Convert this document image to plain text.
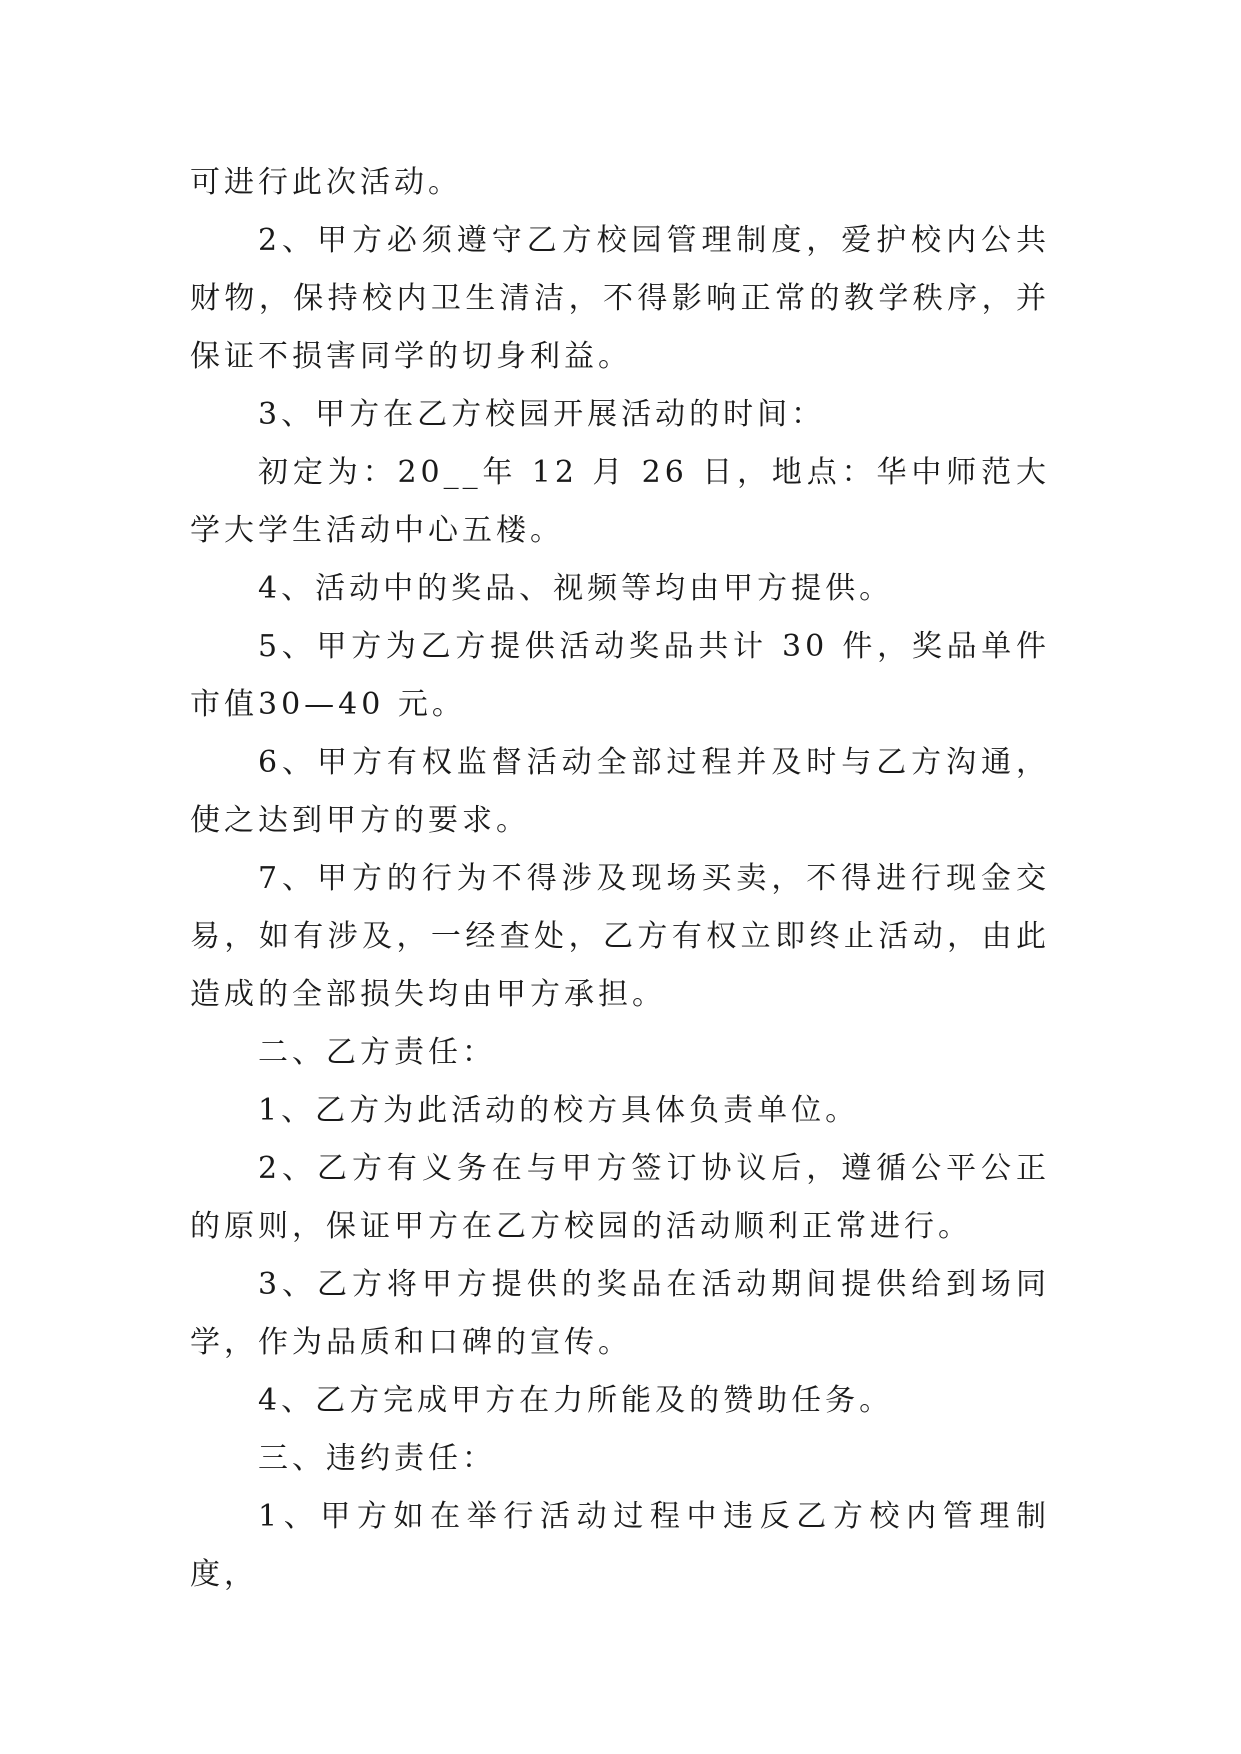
可进行此次活动。

2、甲方必须遵守乙方校园管理制度，爱护校内公共财物，保持校内卫生清洁，不得影响正常的教学秩序，并保证不损害同学的切身利益。

3、甲方在乙方校园开展活动的时间：

初定为：20__年 12 月 26 日，地点：华中师范大学大学生活动中心五楼。

4、活动中的奖品、视频等均由甲方提供。

5、甲方为乙方提供活动奖品共计 30 件，奖品单件市值30—40 元。

6、甲方有权监督活动全部过程并及时与乙方沟通，使之达到甲方的要求。

7、甲方的行为不得涉及现场买卖，不得进行现金交易，如有涉及，一经查处，乙方有权立即终止活动，由此造成的全部损失均由甲方承担。

二、乙方责任：

1、乙方为此活动的校方具体负责单位。

2、乙方有义务在与甲方签订协议后，遵循公平公正的原则，保证甲方在乙方校园的活动顺利正常进行。

3、乙方将甲方提供的奖品在活动期间提供给到场同学，作为品质和口碑的宣传。

4、乙方完成甲方在力所能及的赞助任务。

三、违约责任：

1、甲方如在举行活动过程中违反乙方校内管理制度，
